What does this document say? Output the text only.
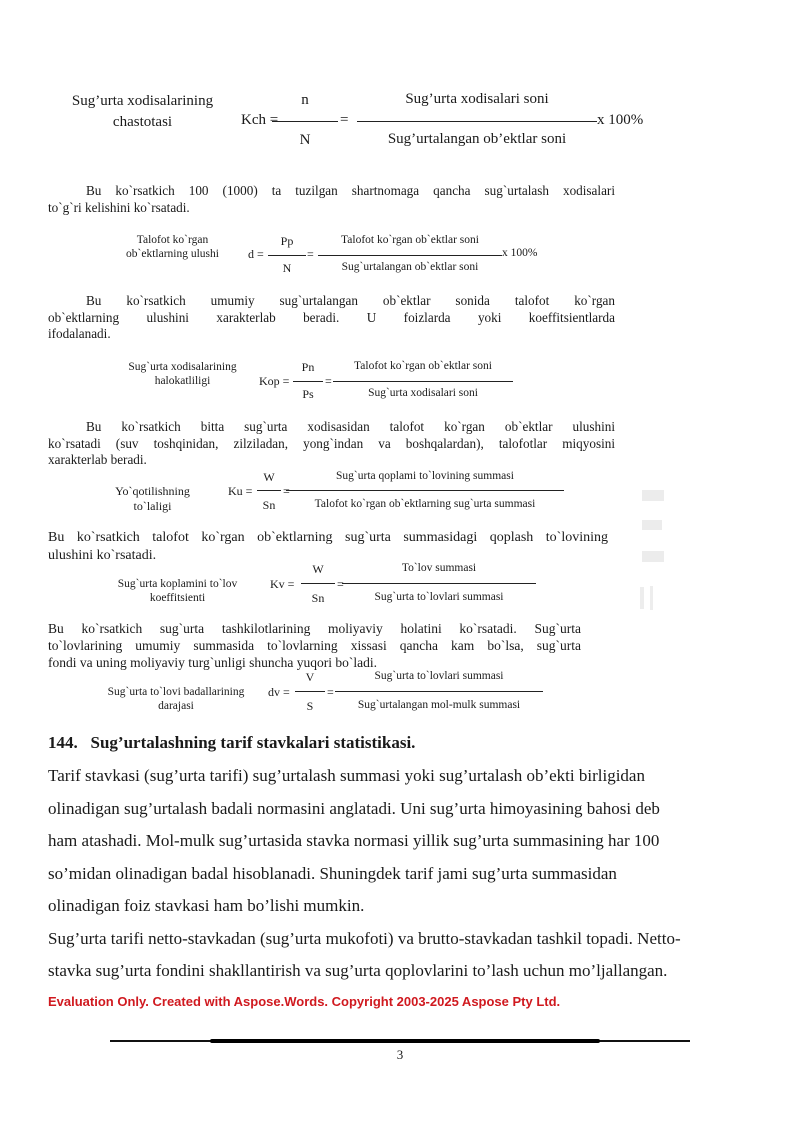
Sug’urta xodisalarining
chastotasi	Kch =
n
N
=
Sug’urta xodisalari soni
Sug’urtalangan ob’ektlar soni
x 100%
Bu ko`rsatkich 100 (1000) ta tuzilgan shartnomaga qancha sug`urtalash xodisalari
to`g`ri kelishini ko`rsatadi.
Talofot ko`rgan
ob`ektlarning ulushi	d =
Pp
N
=
Talofot ko`rgan ob`ektlar soni
Sug`urtalangan ob`ektlar soni
x 100%
Bu ko`rsatkich umumiy sug`urtalangan ob`ektlar sonida talofot ko`rgan
ob`ektlarning ulushini xarakterlab beradi. U foizlarda yoki koeffitsientlarda
ifodalanadi.
Sug`urta xodisalarining
halokatliligi	Kop =
Pn
Ps
=
Talofot ko`rgan ob`ektlar soni
Sug`urta xodisalari soni
Bu ko`rsatkich bitta sug`urta xodisasidan talofot ko`rgan ob`ektlar ulushini
ko`rsatadi (suv toshqinidan, zilziladan, yong`indan va boshqalardan), talofotlar miqyosini
xarakterlab beradi.
Yo`qotilishning
to`laligi
Ku =
W
Sn
=
Sug`urta qoplami to`lovining summasi
Talofot ko`rgan ob`ektlarning sug`urta summasi
Bu ko`rsatkich talofot ko`rgan ob`ektlarning sug`urta summasidagi qoplash to`lovining
ulushini ko`rsatadi.
Sug`urta koplamini to`lov
koeffitsienti
Kv =
W
Sn
=
To`lov summasi
Sug`urta to`lovlari summasi
Bu ko`rsatkich sug`urta tashkilotlarining moliyaviy holatini ko`rsatadi. Sug`urta
to`lovlarining umumiy summasida to`lovlarning xissasi qancha kam bo`lsa, sug`urta
fondi va uning moliyaviy turg`unligi shuncha yuqori bo`ladi.
Sug`urta to`lovi badallarining
darajasi
dv =
V
S
=
Sug`urta to`lovlari summasi
Sug`urtalangan mol-mulk summasi
144.   Sug’urtalashning tarif stavkalari statistikasi.
Tarif stavkasi (sug’urta tarifi) sug’urtalash summasi yoki sug’urtalash ob’ekti birligidan
olinadigan sug’urtalash badali normasini anglatadi. Uni sug’urta himoyasining bahosi deb
ham atashadi. Mol-mulk sug’urtasida stavka normasi yillik sug’urta summasining har 100
so’midan olinadigan badal hisoblanadi. Shuningdek tarif jami sug’urta summasidan
olinadigan foiz stavkasi ham bo’lishi mumkin.
Sug’urta tarifi netto-stavkadan (sug’urta mukofoti) va brutto-stavkadan tashkil topadi. Netto-
stavka sug’urta fondini shakllantirish va sug’urta qoplovlarini to’lash uchun mo’ljallangan.
Evaluation Only. Created with Aspose.Words. Copyright 2003-2025 Aspose Pty Ltd.
3
